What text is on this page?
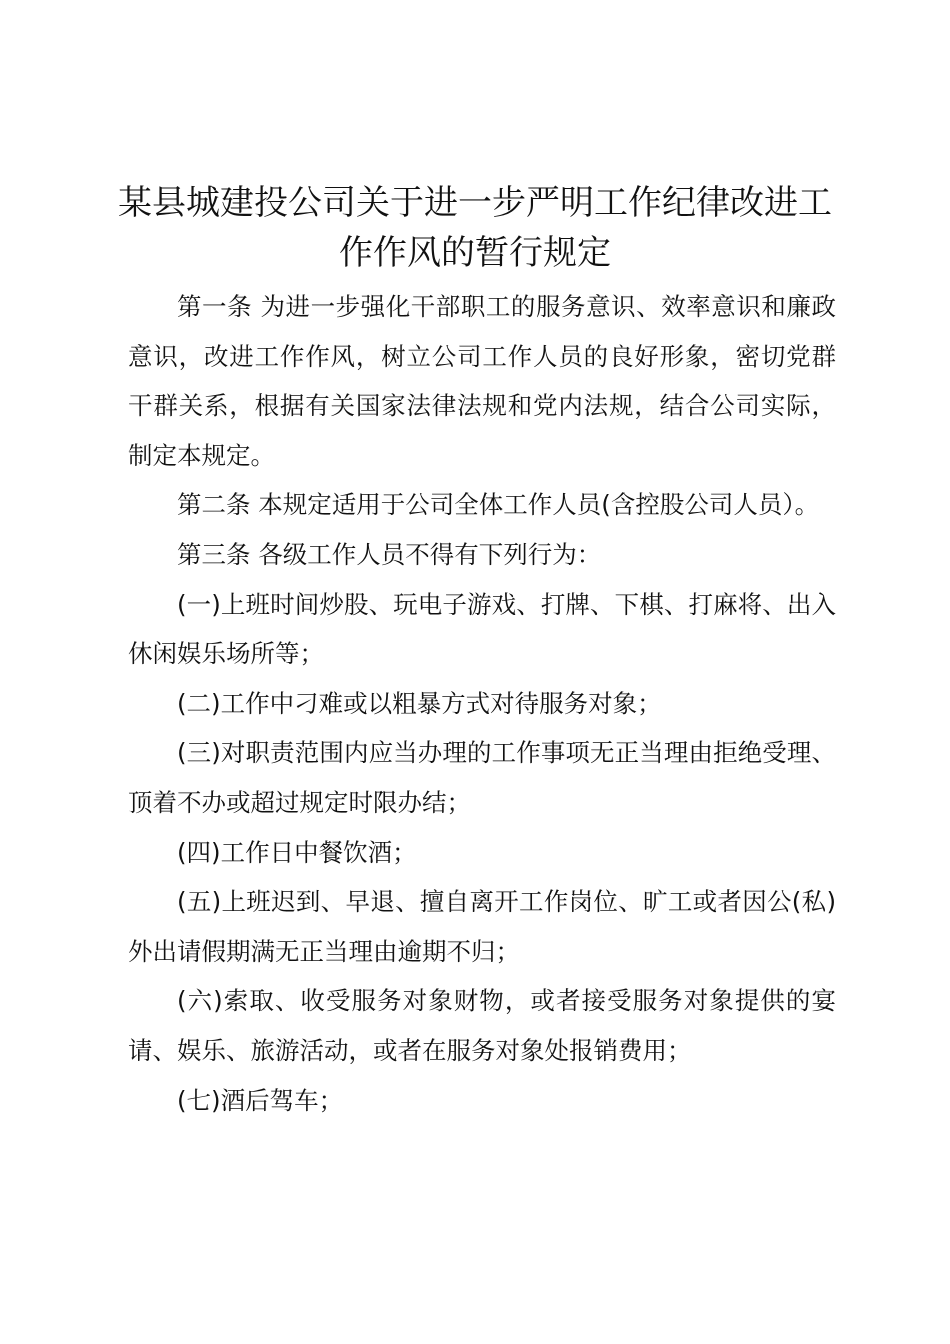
某县城建投公司关于进一步严明工作纪律改进工作作风的暂行规定

第一条 为进一步强化干部职工的服务意识、效率意识和廉政意识，改进工作作风，树立公司工作人员的良好形象，密切党群干群关系，根据有关国家法律法规和党内法规，结合公司实际，制定本规定。

第二条 本规定适用于公司全体工作人员(含控股公司人员）。

第三条 各级工作人员不得有下列行为：

(一)上班时间炒股、玩电子游戏、打牌、下棋、打麻将、出入休闲娱乐场所等；

(二)工作中刁难或以粗暴方式对待服务对象；

(三)对职责范围内应当办理的工作事项无正当理由拒绝受理、顶着不办或超过规定时限办结；

(四)工作日中餐饮酒；

(五)上班迟到、早退、擅自离开工作岗位、旷工或者因公(私)外出请假期满无正当理由逾期不归；

(六)索取、收受服务对象财物，或者接受服务对象提供的宴请、娱乐、旅游活动，或者在服务对象处报销费用；

(七)酒后驾车；
